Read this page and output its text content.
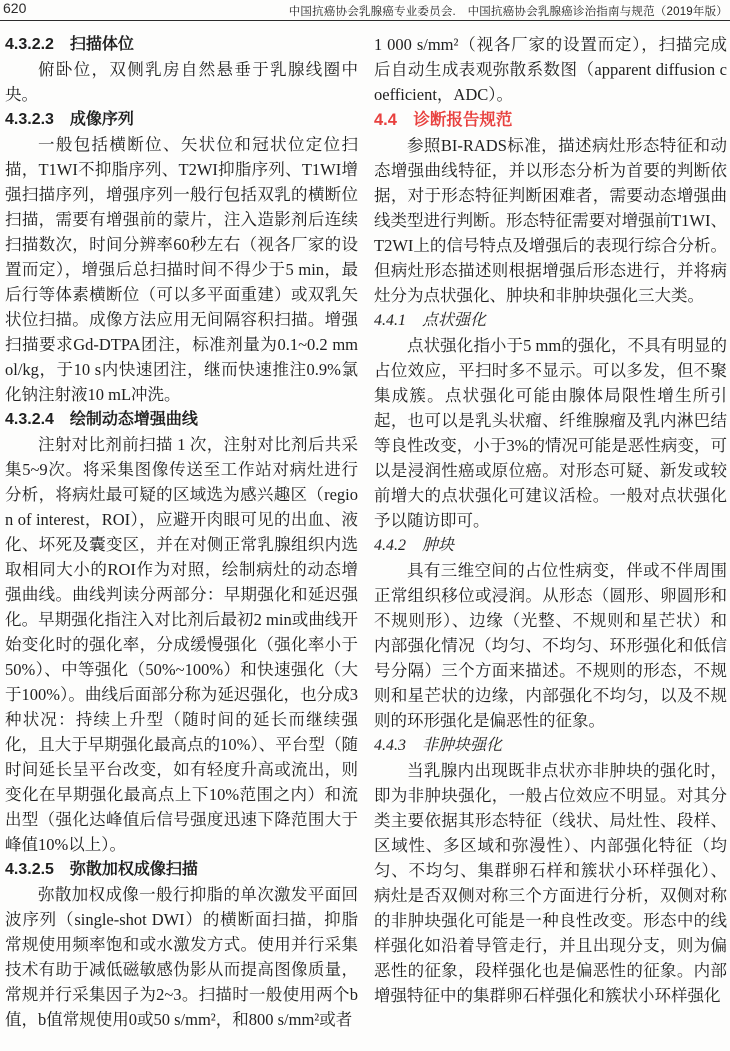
620	中国抗癌协会乳腺癌专业委员会.　中国抗癌协会乳腺癌诊治指南与规范（2019年版）
4.3.2.2　扫描体位

俯卧位，双侧乳房自然悬垂于乳腺线圈中央。

4.3.2.3　成像序列

一般包括横断位、矢状位和冠状位定位扫描，T1WI不抑脂序列、T2WI抑脂序列、T1WI增强扫描序列，增强序列一般行包括双乳的横断位扫描，需要有增强前的蒙片，注入造影剂后连续扫描数次，时间分辨率60秒左右（视各厂家的设置而定），增强后总扫描时间不得少于5 min，最后行等体素横断位（可以多平面重建）或双乳矢状位扫描。成像方法应用无间隔容积扫描。增强扫描要求Gd-DTPA团注，标准剂量为0.1~0.2 mmol/kg，于10 s内快速团注，继而快速推注0.9%氯化钠注射液10 mL冲洗。

4.3.2.4　绘制动态增强曲线

注射对比剂前扫描 1 次，注射对比剂后共采集5~9次。将采集图像传送至工作站对病灶进行分析，将病灶最可疑的区域选为感兴趣区（region of interest，ROI），应避开肉眼可见的出血、液化、坏死及囊变区，并在对侧正常乳腺组织内选取相同大小的ROI作为对照，绘制病灶的动态增强曲线。曲线判读分两部分：早期强化和延迟强化。早期强化指注入对比剂后最初2 min或曲线开始变化时的强化率，分成缓慢强化（强化率小于50%）、中等强化（50%~100%）和快速强化（大于100%）。曲线后面部分称为延迟强化，也分成3种状况：持续上升型（随时间的延长而继续强化，且大于早期强化最高点的10%）、平台型（随时间延长呈平台改变，如有轻度升高或流出，则变化在早期强化最高点上下10%范围之内）和流出型（强化达峰值后信号强度迅速下降范围大于峰值10%以上）。

4.3.2.5　弥散加权成像扫描

弥散加权成像一般行抑脂的单次激发平面回波序列（single-shot DWI）的横断面扫描，抑脂常规使用频率饱和或水激发方式。使用并行采集技术有助于减低磁敏感伪影从而提高图像质量，常规并行采集因子为2~3。扫描时一般使用两个b值，b值常规使用0或50 s/mm²，和800 s/mm²或者

1 000 s/mm²（视各厂家的设置而定），扫描完成后自动生成表观弥散系数图（apparent diffusion coefficient，ADC）。

4.4　诊断报告规范

参照BI-RADS标准，描述病灶形态特征和动态增强曲线特征，并以形态分析为首要的判断依据，对于形态特征判断困难者，需要动态增强曲线类型进行判断。形态特征需要对增强前T1WI、T2WI上的信号特点及增强后的表现行综合分析。但病灶形态描述则根据增强后形态进行，并将病灶分为点状强化、肿块和非肿块强化三大类。

4.4.1　点状强化

点状强化指小于5 mm的强化，不具有明显的占位效应，平扫时多不显示。可以多发，但不聚集成簇。点状强化可能由腺体局限性增生所引起，也可以是乳头状瘤、纤维腺瘤及乳内淋巴结等良性改变，小于3%的情况可能是恶性病变，可以是浸润性癌或原位癌。对形态可疑、新发或较前增大的点状强化可建议活检。一般对点状强化予以随访即可。

4.4.2　肿块

具有三维空间的占位性病变，伴或不伴周围正常组织移位或浸润。从形态（圆形、卵圆形和不规则形）、边缘（光整、不规则和星芒状）和内部强化情况（均匀、不均匀、环形强化和低信号分隔）三个方面来描述。不规则的形态，不规则和星芒状的边缘，内部强化不均匀，以及不规则的环形强化是偏恶性的征象。

4.4.3　非肿块强化

当乳腺内出现既非点状亦非肿块的强化时，即为非肿块强化，一般占位效应不明显。对其分类主要依据其形态特征（线状、局灶性、段样、区域性、多区域和弥漫性）、内部强化特征（均匀、不均匀、集群卵石样和簇状小环样强化）、病灶是否双侧对称三个方面进行分析，双侧对称的非肿块强化可能是一种良性改变。形态中的线样强化如沿着导管走行，并且出现分支，则为偏恶性的征象，段样强化也是偏恶性的征象。内部增强特征中的集群卵石样强化和簇状小环样强化
